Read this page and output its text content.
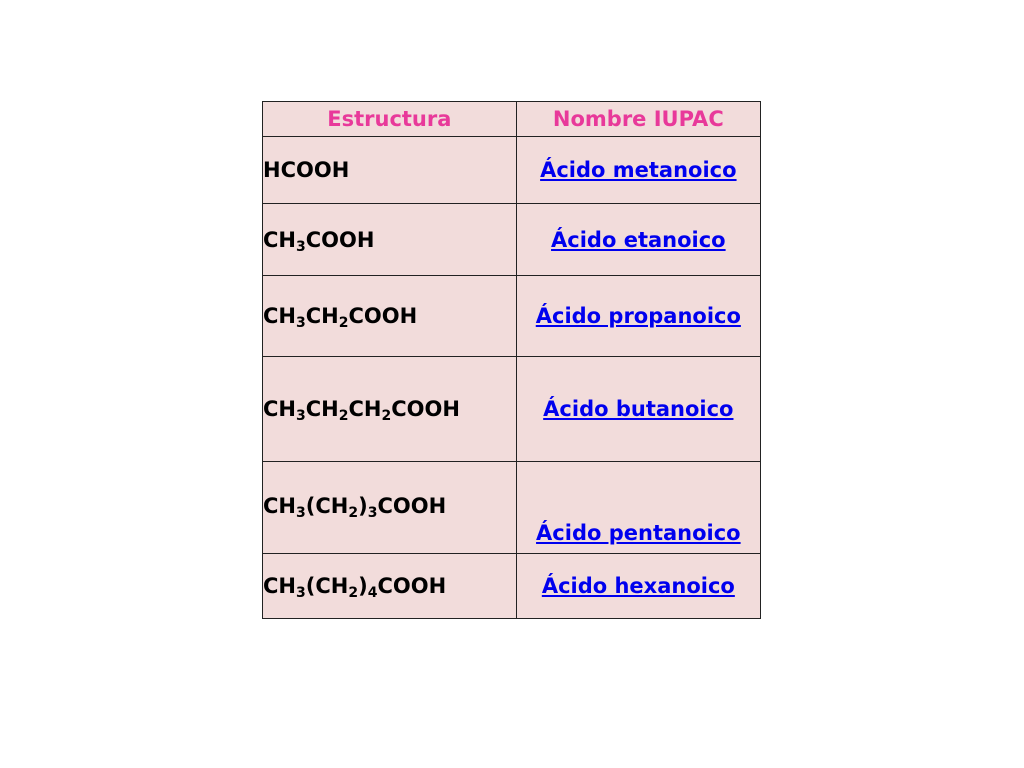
Estructura	Nombre IUPAC
HCOOH	Ácido metanoico
$CH_3COOH$	Ácido etanoico
$CH_3CH_2COOH$	Ácido propanoico
$CH_3CH_2CH_2COOH$	Ácido butanoico
$CH_3(CH_2)_3COOH$	Ácido pentanoico
$CH_3(CH_2)_4COOH$	Ácido hexanoico
